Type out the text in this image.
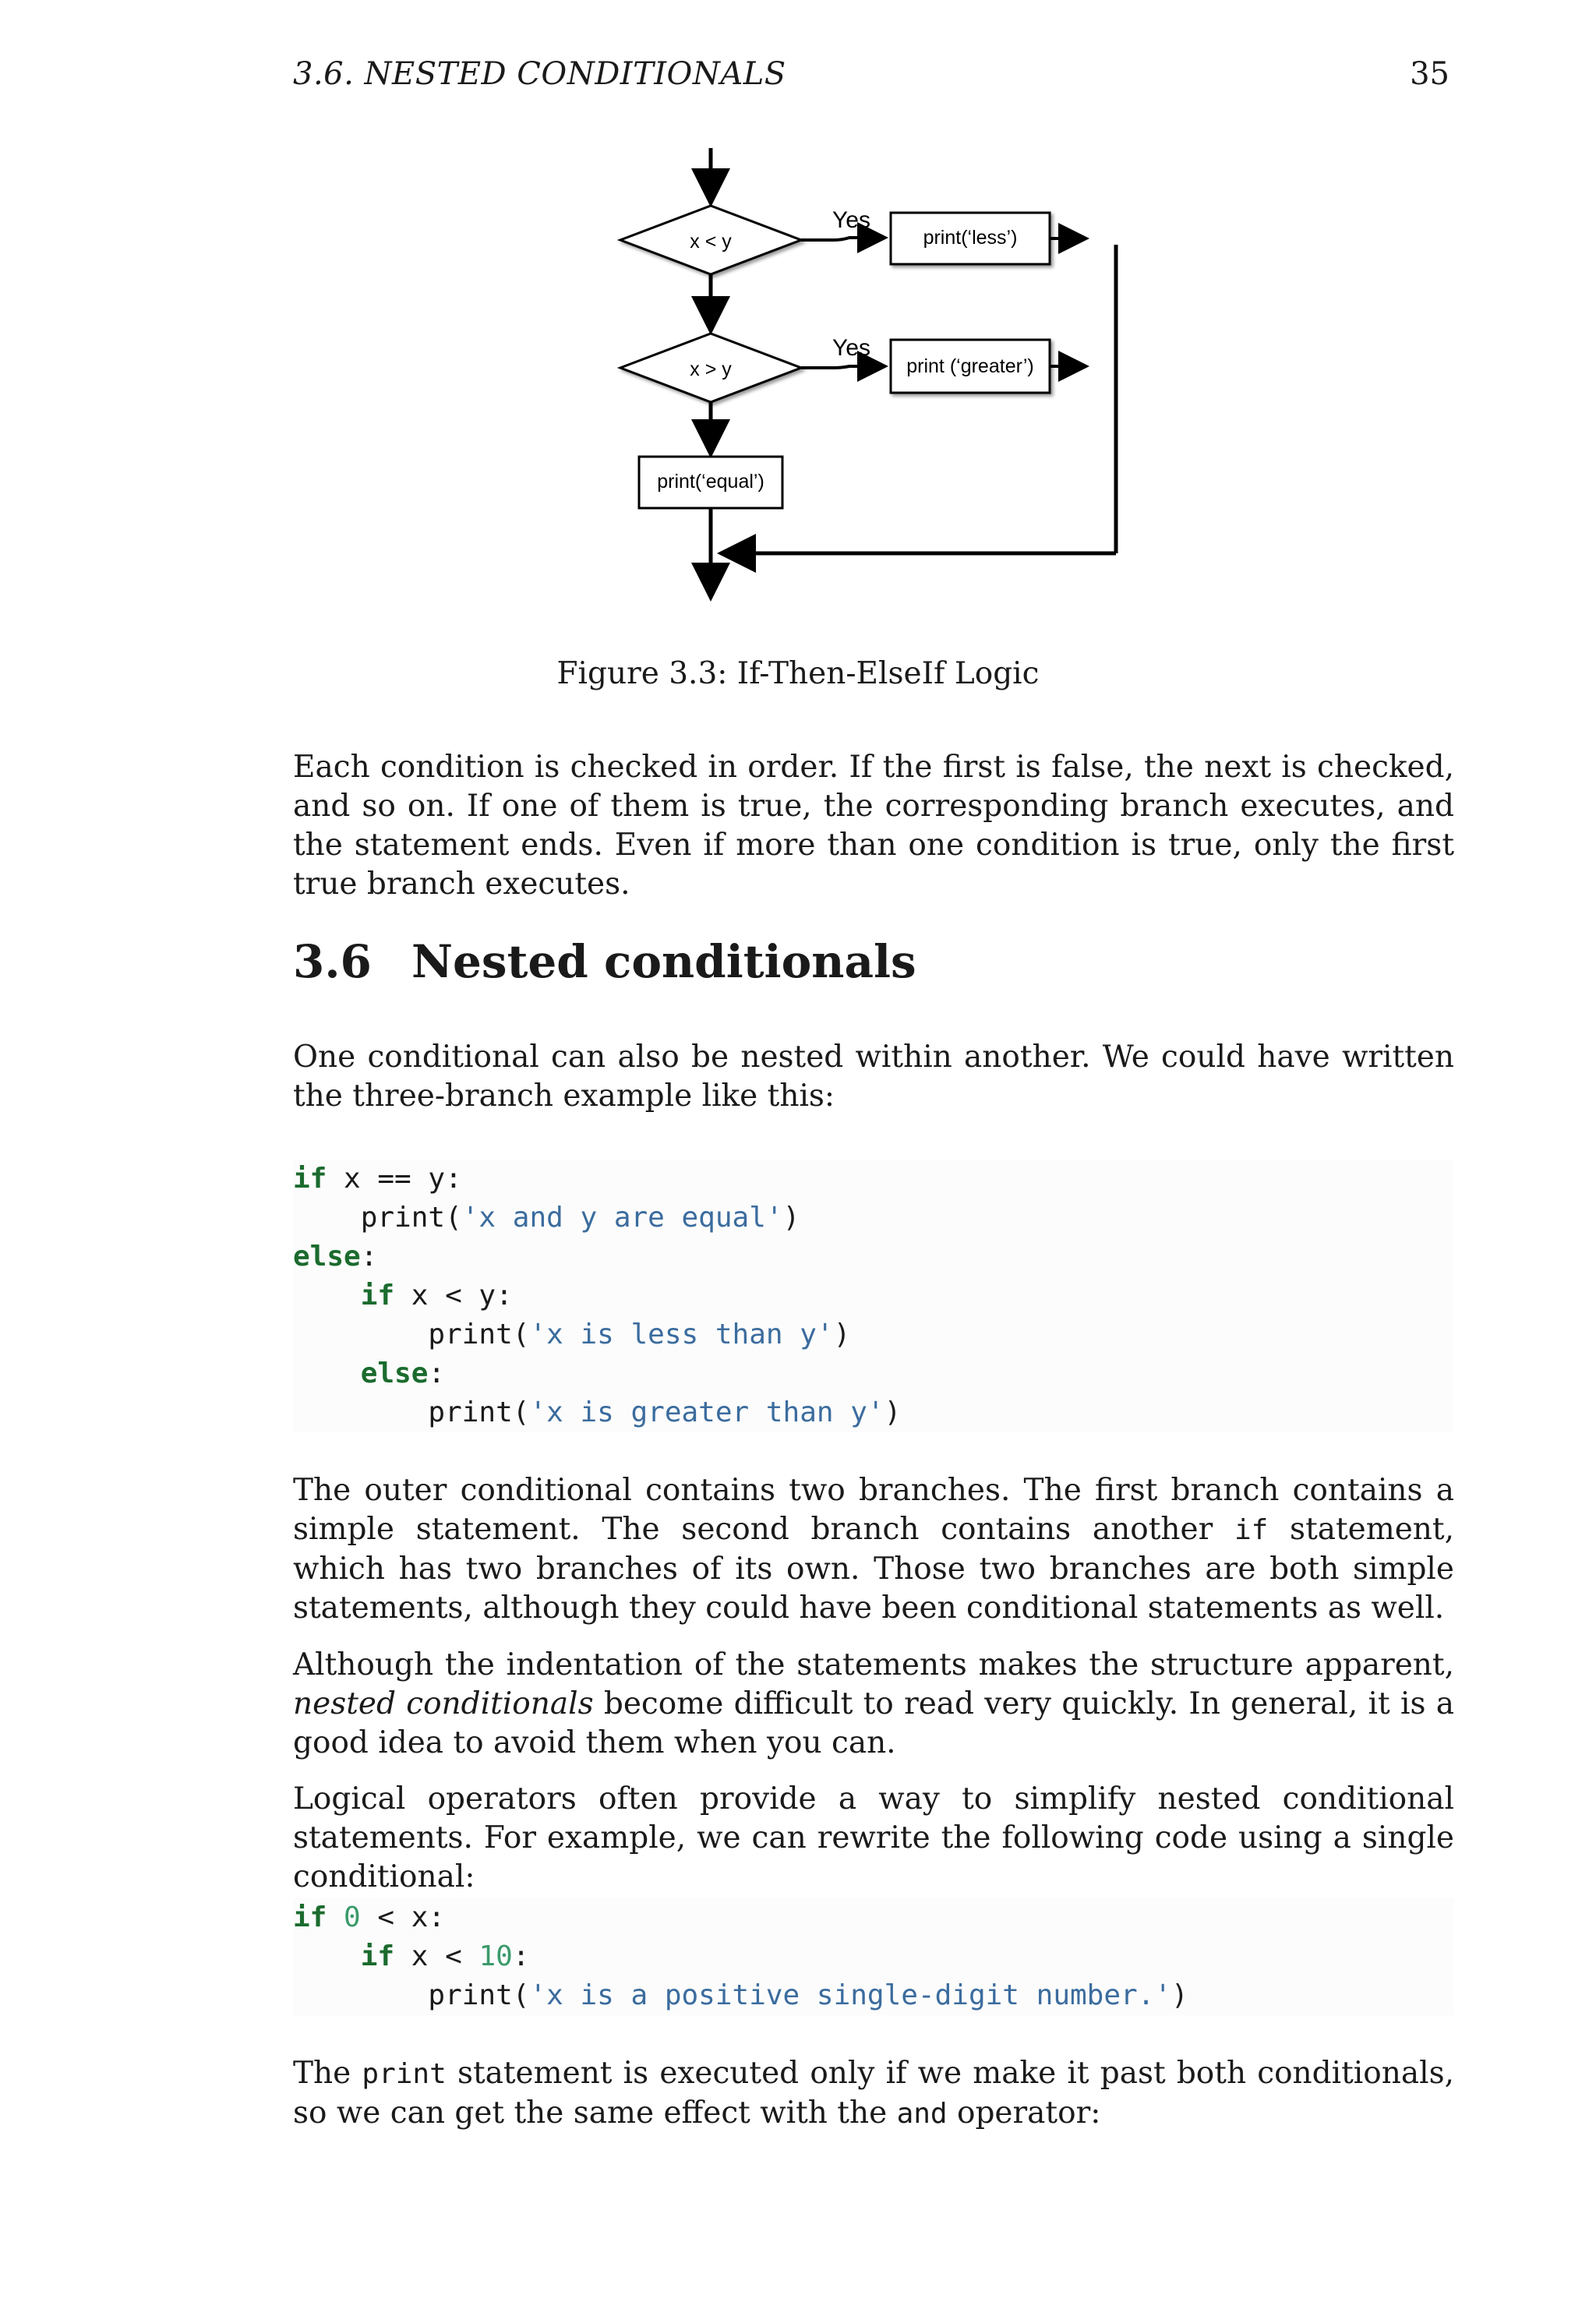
3.6. NESTED CONDITIONALS	35
x < y
Yes
print(‘less’)
x > y
Yes
print (‘greater’)
print(‘equal’)
Figure 3.3: If-Then-ElseIf Logic

Each condition is checked in order. If the first is false, the next is checked, and so on. If one of them is true, the corresponding branch executes, and the statement ends. Even if more than one condition is true, only the first true branch executes.

3.6 Nested conditionals

One conditional can also be nested within another. We could have written the three-branch example like this:

if x == y:
print('x and y are equal')
else:
if x < y:
print('x is less than y')
else:
print('x is greater than y')

The outer conditional contains two branches. The first branch contains a simple statement. The second branch contains another if statement, which has two branches of its own. Those two branches are both simple statements, although they could have been conditional statements as well.

Although the indentation of the statements makes the structure apparent, nested conditionals become difficult to read very quickly. In general, it is a good idea to avoid them when you can.

Logical operators often provide a way to simplify nested conditional statements. For example, we can rewrite the following code using a single conditional:

if 0 < x:
if x < 10:
print('x is a positive single-digit number.')

The print statement is executed only if we make it past both conditionals, so we can get the same effect with the and operator:
